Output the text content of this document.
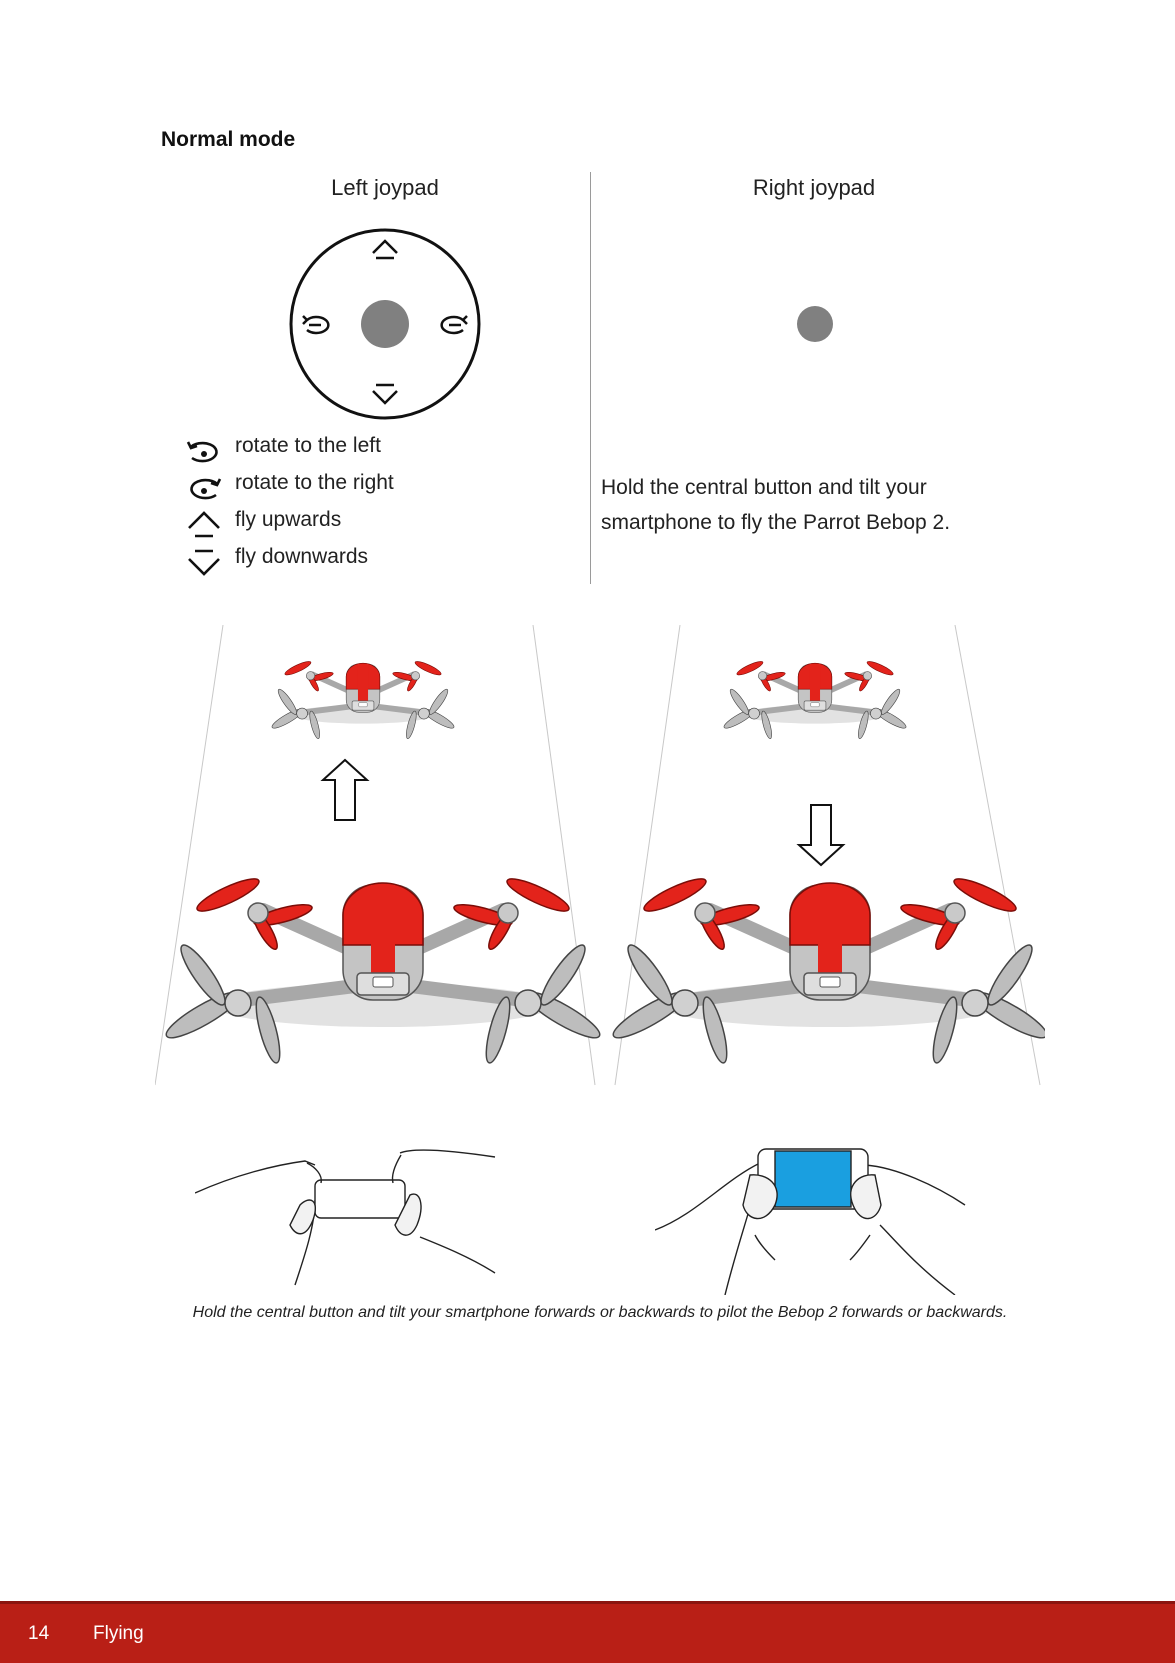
Normal mode
Left joypad
rotate to the left
rotate to the right
fly upwards
fly downwards
Right joypad
Hold the central button and tilt your smartphone to fly the Parrot Bebop 2.
Hold the central button and tilt your smartphone forwards or backwards to pilot the Bebop 2 forwards or backwards.
14 Flying
